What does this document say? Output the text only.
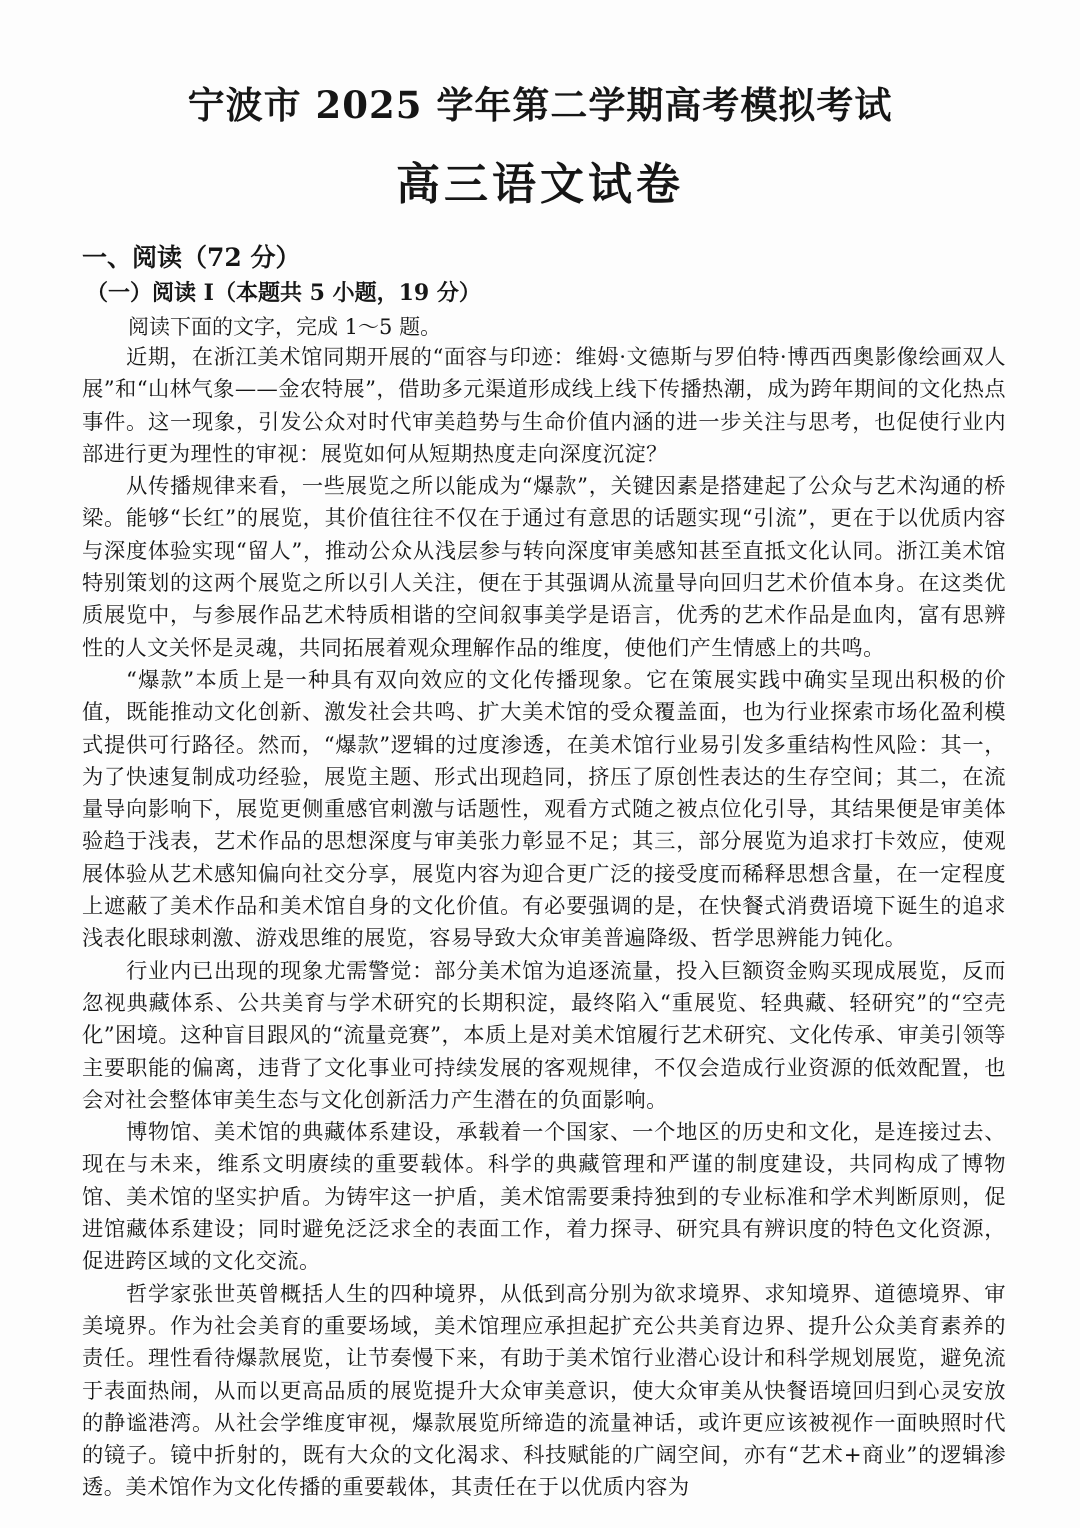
宁波市 2025 学年第二学期高考模拟考试
高三语文试卷
一、阅读（72 分）
（一）阅读 I（本题共 5 小题，19 分）
阅读下面的文字，完成 1～5 题。

近期，在浙江美术馆同期开展的“面容与印迹：维姆·文德斯与罗伯特·博西西奥影像绘画双人展”和“山林气象——金农特展”，借助多元渠道形成线上线下传播热潮，成为跨年期间的文化热点事件。这一现象，引发公众对时代审美趋势与生命价值内涵的进一步关注与思考，也促使行业内部进行更为理性的审视：展览如何从短期热度走向深度沉淀？

从传播规律来看，一些展览之所以能成为“爆款”，关键因素是搭建起了公众与艺术沟通的桥梁。能够“长红”的展览，其价值往往不仅在于通过有意思的话题实现“引流”，更在于以优质内容与深度体验实现“留人”，推动公众从浅层参与转向深度审美感知甚至直抵文化认同。浙江美术馆特别策划的这两个展览之所以引人关注，便在于其强调从流量导向回归艺术价值本身。在这类优质展览中，与参展作品艺术特质相谐的空间叙事美学是语言，优秀的艺术作品是血肉，富有思辨性的人文关怀是灵魂，共同拓展着观众理解作品的维度，使他们产生情感上的共鸣。

“爆款”本质上是一种具有双向效应的文化传播现象。它在策展实践中确实呈现出积极的价值，既能推动文化创新、激发社会共鸣、扩大美术馆的受众覆盖面，也为行业探索市场化盈利模式提供可行路径。然而，“爆款”逻辑的过度渗透，在美术馆行业易引发多重结构性风险：其一，为了快速复制成功经验，展览主题、形式出现趋同，挤压了原创性表达的生存空间；其二，在流量导向影响下，展览更侧重感官刺激与话题性，观看方式随之被点位化引导，其结果便是审美体验趋于浅表，艺术作品的思想深度与审美张力彰显不足；其三，部分展览为追求打卡效应，使观展体验从艺术感知偏向社交分享，展览内容为迎合更广泛的接受度而稀释思想含量，在一定程度上遮蔽了美术作品和美术馆自身的文化价值。有必要强调的是，在快餐式消费语境下诞生的追求浅表化眼球刺激、游戏思维的展览，容易导致大众审美普遍降级、哲学思辨能力钝化。

行业内已出现的现象尤需警觉：部分美术馆为追逐流量，投入巨额资金购买现成展览，反而忽视典藏体系、公共美育与学术研究的长期积淀，最终陷入“重展览、轻典藏、轻研究”的“空壳化”困境。这种盲目跟风的“流量竞赛”，本质上是对美术馆履行艺术研究、文化传承、审美引领等主要职能的偏离，违背了文化事业可持续发展的客观规律，不仅会造成行业资源的低效配置，也会对社会整体审美生态与文化创新活力产生潜在的负面影响。

博物馆、美术馆的典藏体系建设，承载着一个国家、一个地区的历史和文化，是连接过去、现在与未来，维系文明赓续的重要载体。科学的典藏管理和严谨的制度建设，共同构成了博物馆、美术馆的坚实护盾。为铸牢这一护盾，美术馆需要秉持独到的专业标准和学术判断原则，促进馆藏体系建设；同时避免泛泛求全的表面工作，着力探寻、研究具有辨识度的特色文化资源，促进跨区域的文化交流。

哲学家张世英曾概括人生的四种境界，从低到高分别为欲求境界、求知境界、道德境界、审美境界。作为社会美育的重要场域，美术馆理应承担起扩充公共美育边界、提升公众美育素养的责任。理性看待爆款展览，让节奏慢下来，有助于美术馆行业潜心设计和科学规划展览，避免流于表面热闹，从而以更高品质的展览提升大众审美意识，使大众审美从快餐语境回归到心灵安放的静谧港湾。从社会学维度审视，爆款展览所缔造的流量神话，或许更应该被视作一面映照时代的镜子。镜中折射的，既有大众的文化渴求、科技赋能的广阔空间，亦有“艺术+商业”的逻辑渗透。美术馆作为文化传播的重要载体，其责任在于以优质内容为
